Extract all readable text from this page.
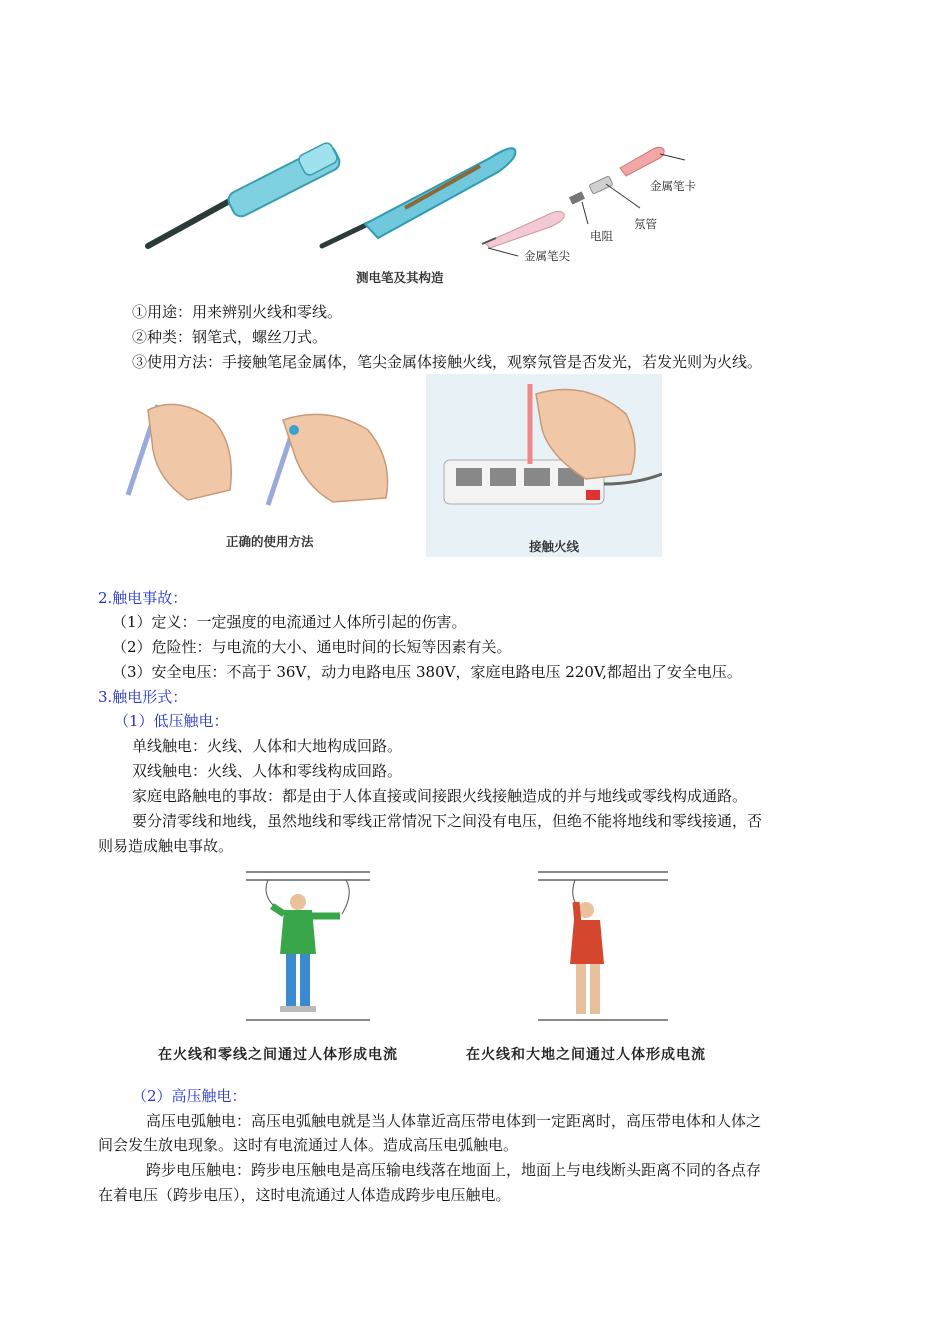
金属笔卡
氖管
电阻
金属笔尖
测电笔及其构造
①用途：用来辨别火线和零线。
②种类：钢笔式，螺丝刀式。
③使用方法：手接触笔尾金属体，笔尖金属体接触火线，观察氖管是否发光，若发光则为火线。
正确的使用方法	接触火线
2.触电事故：
（1）定义：一定强度的电流通过人体所引起的伤害。
（2）危险性：与电流的大小、通电时间的长短等因素有关。
（3）安全电压：不高于 36V，动力电路电压 380V，家庭电路电压 220V,都超出了安全电压。
3.触电形式：
（1）低压触电：
单线触电：火线、人体和大地构成回路。
双线触电：火线、人体和零线构成回路。
家庭电路触电的事故：都是由于人体直接或间接跟火线接触造成的并与地线或零线构成通路。
要分清零线和地线，虽然地线和零线正常情况下之间没有电压，但绝不能将地线和零线接通，否
则易造成触电事故。
在火线和零线之间通过人体形成电流	在火线和大地之间通过人体形成电流
（2）高压触电：
高压电弧触电：高压电弧触电就是当人体靠近高压带电体到一定距离时，高压带电体和人体之
间会发生放电现象。这时有电流通过人体。造成高压电弧触电。
跨步电压触电：跨步电压触电是高压输电线落在地面上，地面上与电线断头距离不同的各点存
在着电压（跨步电压），这时电流通过人体造成跨步电压触电。
